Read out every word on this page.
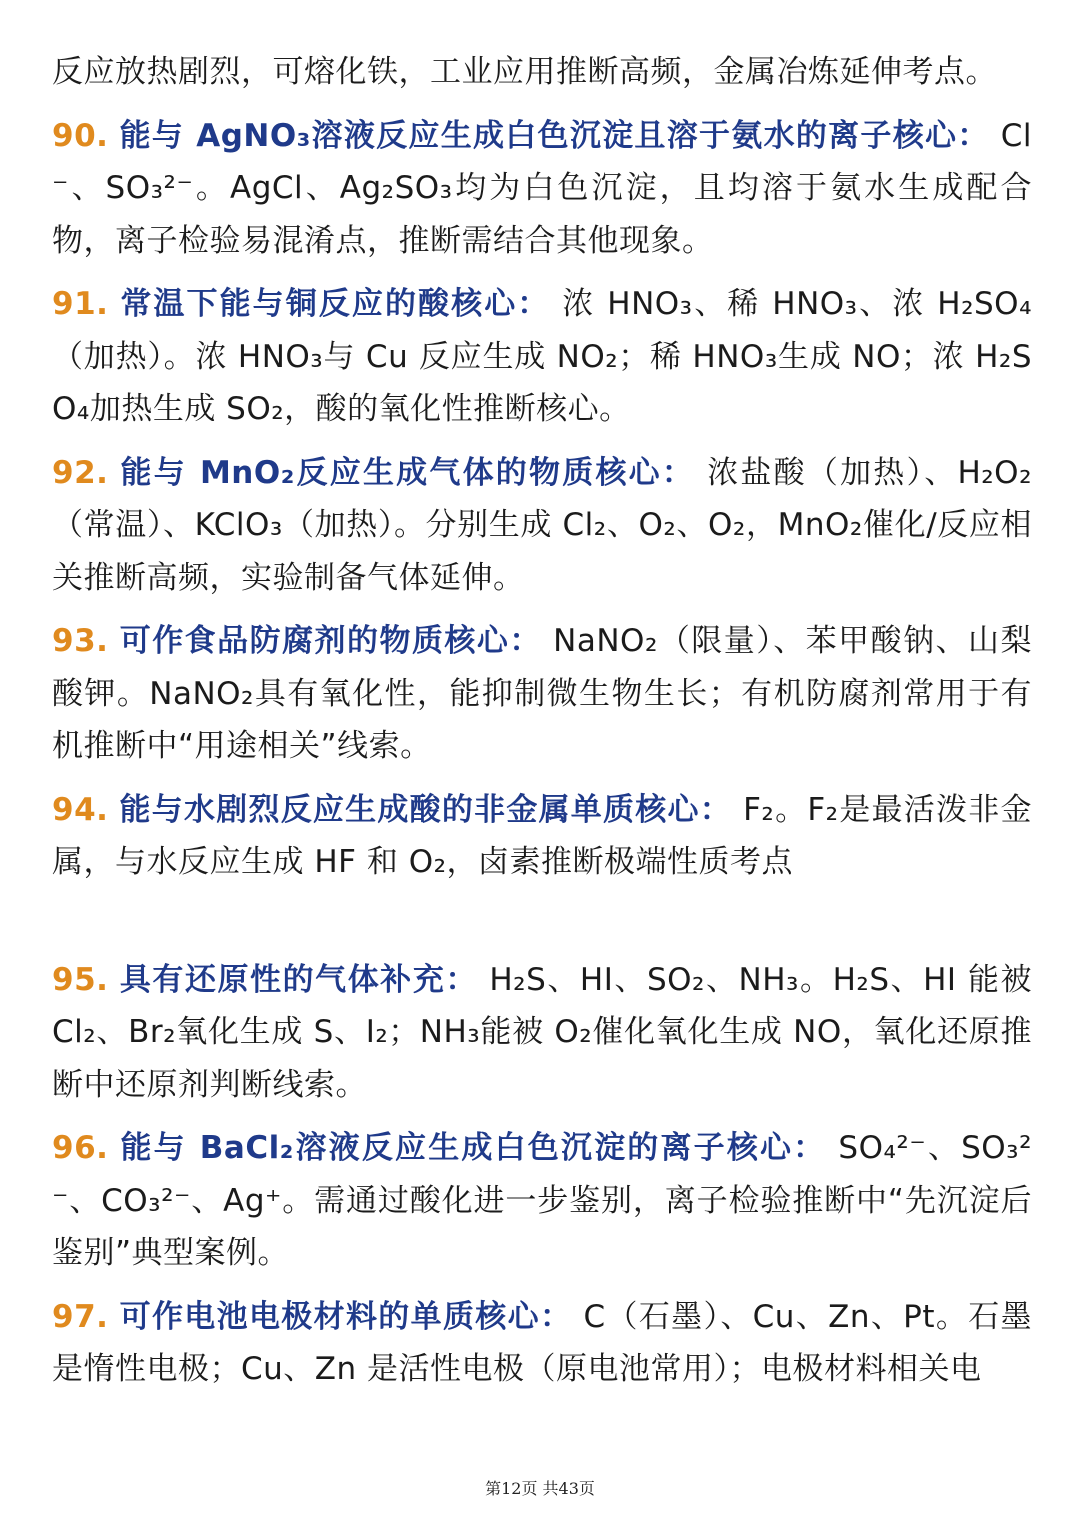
反应放热剧烈，可熔化铁，工业应用推断高频，金属冶炼延伸考点。

90. 能与 AgNO₃溶液反应生成白色沉淀且溶于氨水的离子核心： Cl⁻、SO₃²⁻。AgCl、Ag₂SO₃均为白色沉淀，且均溶于氨水生成配合物，离子检验易混淆点，推断需结合其他现象。

91. 常温下能与铜反应的酸核心： 浓 HNO₃、稀 HNO₃、浓 H₂SO₄（加热）。浓 HNO₃与 Cu 反应生成 NO₂；稀 HNO₃生成 NO；浓 H₂SO₄加热生成 SO₂，酸的氧化性推断核心。

92. 能与 MnO₂反应生成气体的物质核心： 浓盐酸（加热）、H₂O₂（常温）、KClO₃（加热）。分别生成 Cl₂、O₂、O₂，MnO₂催化/反应相关推断高频，实验制备气体延伸。

93. 可作食品防腐剂的物质核心： NaNO₂（限量）、苯甲酸钠、山梨酸钾。NaNO₂具有氧化性，能抑制微生物生长；有机防腐剂常用于有机推断中“用途相关”线索。

94. 能与水剧烈反应生成酸的非金属单质核心： F₂。F₂是最活泼非金属，与水反应生成 HF 和 O₂，卤素推断极端性质考点

95. 具有还原性的气体补充： H₂S、HI、SO₂、NH₃。H₂S、HI 能被 Cl₂、Br₂氧化生成 S、I₂；NH₃能被 O₂催化氧化生成 NO，氧化还原推断中还原剂判断线索。

96. 能与 BaCl₂溶液反应生成白色沉淀的离子核心： SO₄²⁻、SO₃²⁻、CO₃²⁻、Ag⁺。需通过酸化进一步鉴别，离子检验推断中“先沉淀后鉴别”典型案例。

97. 可作电池电极材料的单质核心： C（石墨）、Cu、Zn、Pt。石墨是惰性电极；Cu、Zn 是活性电极（原电池常用）；电极材料相关电

第12页 共43页
